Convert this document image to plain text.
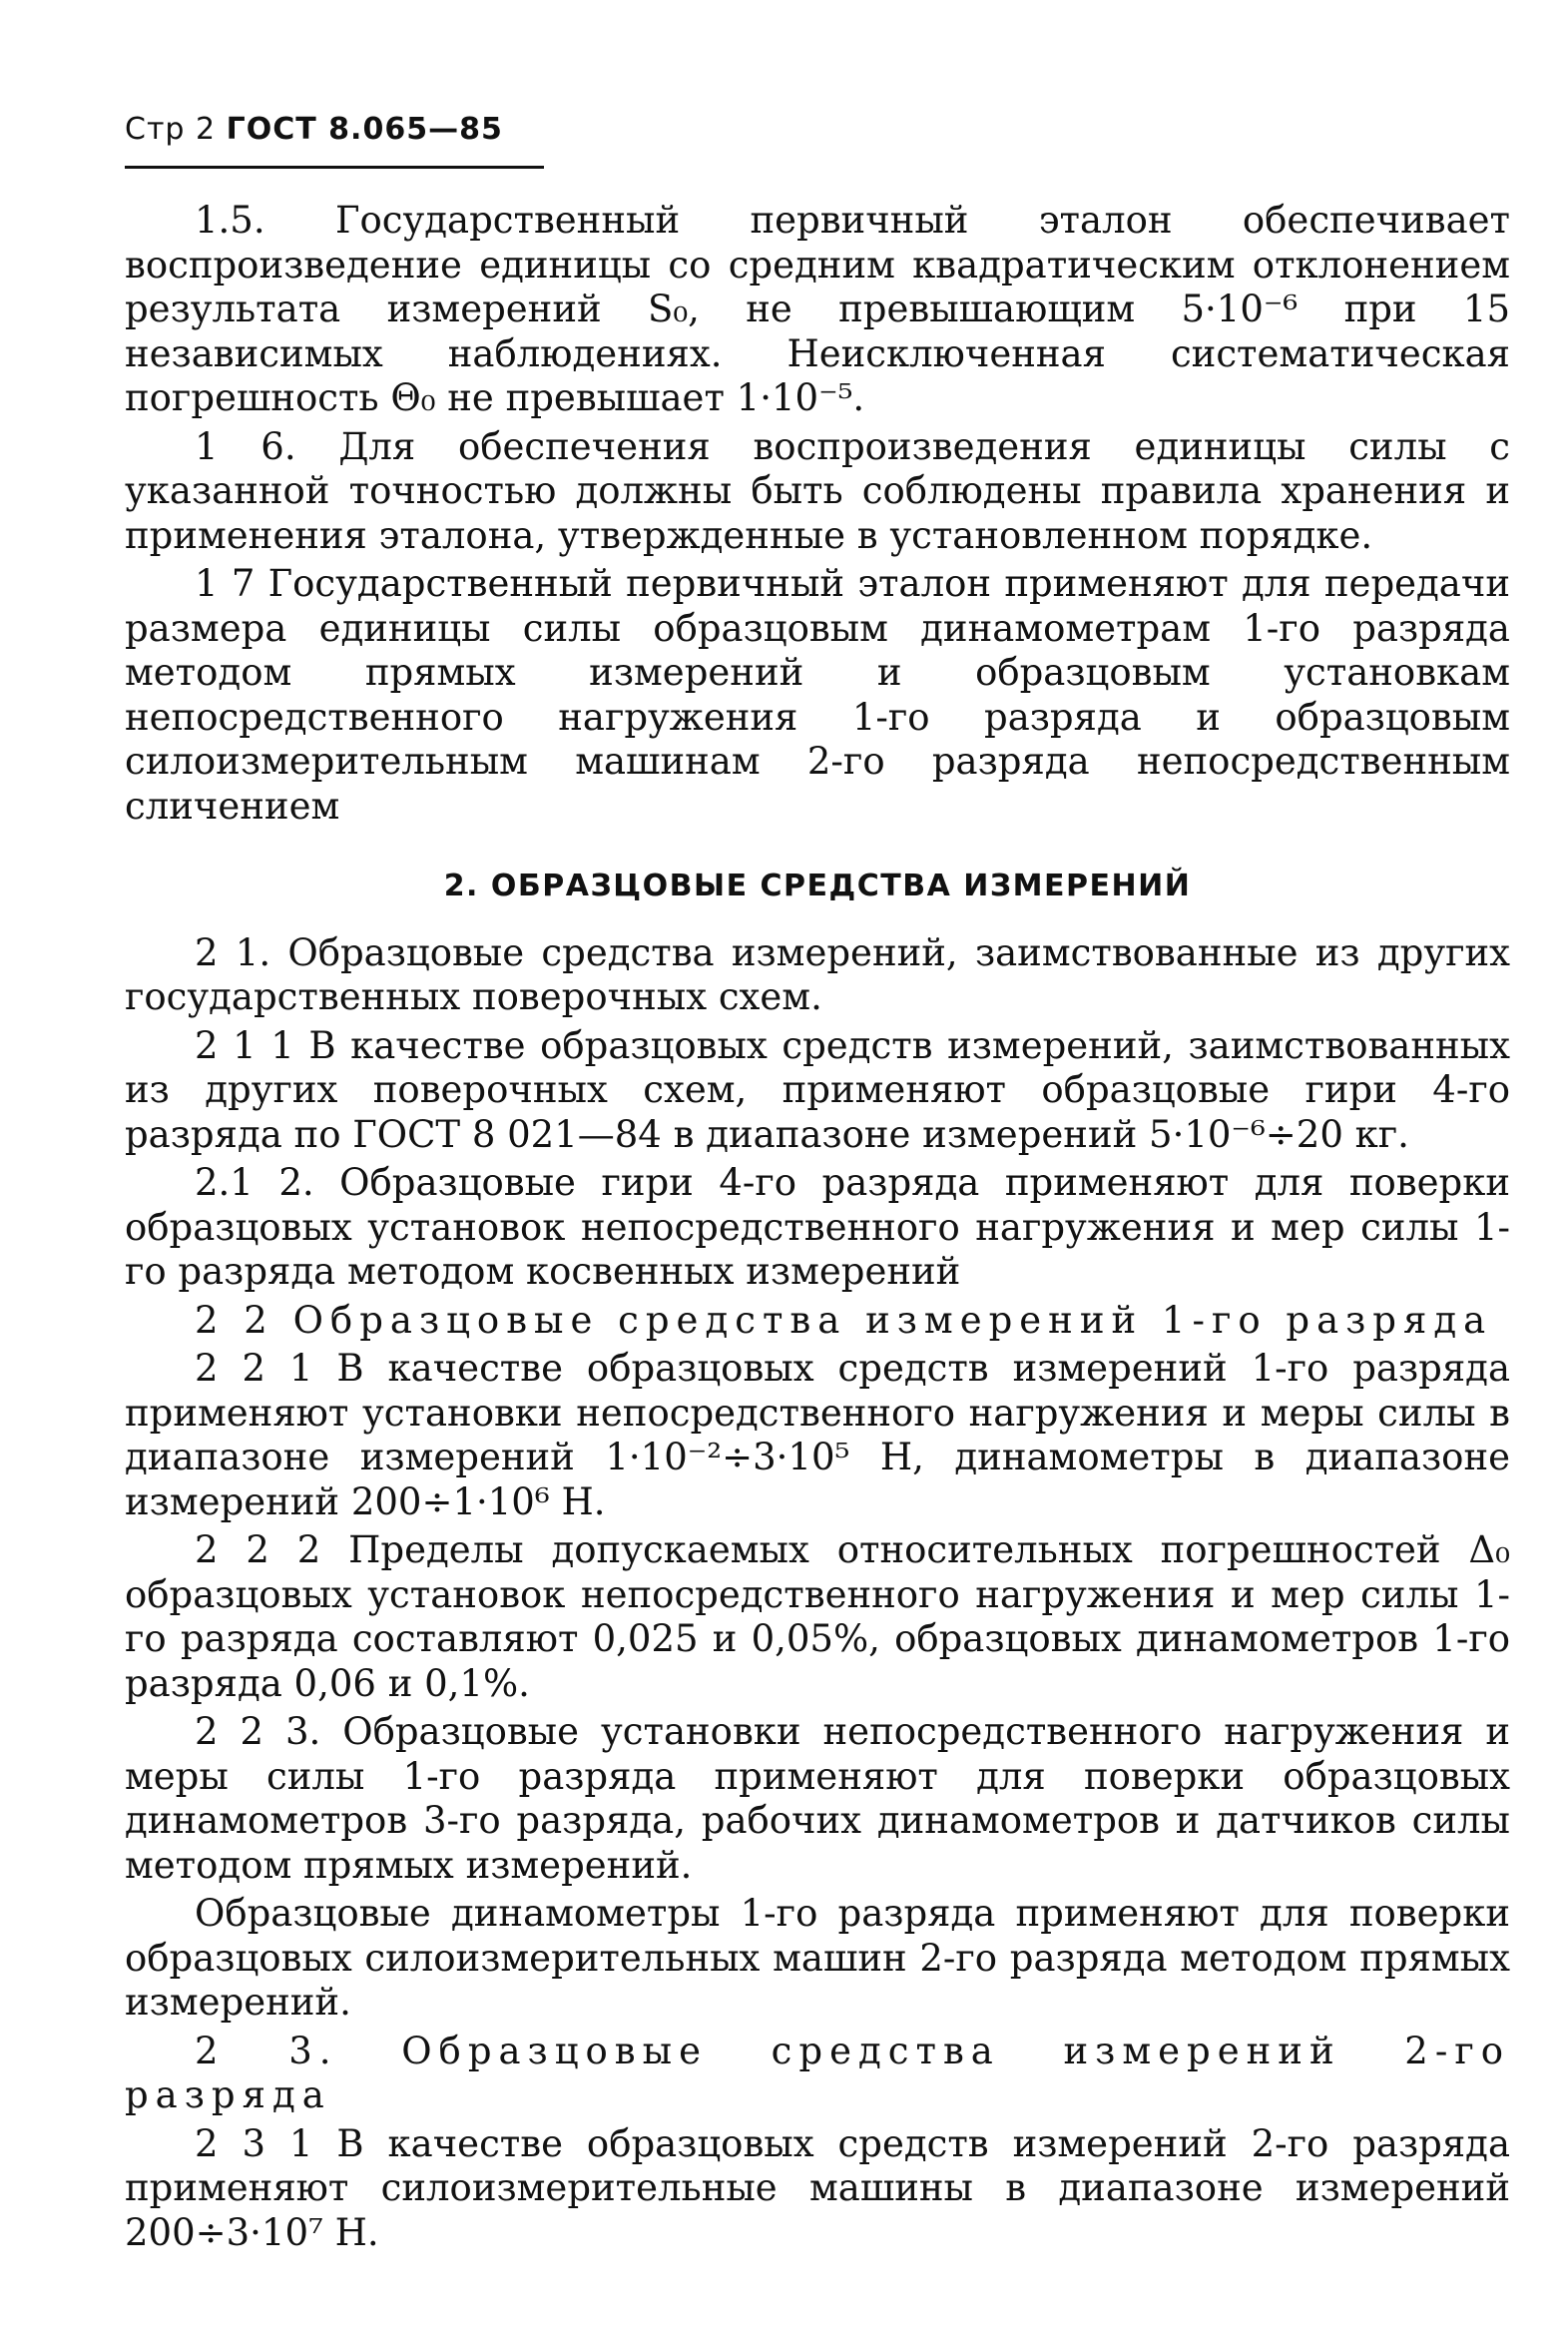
Стр 2 ГОСТ 8.065—85

1.5. Государственный первичный эталон обеспечивает воспроизведение единицы со средним квадратическим отклонением результата измерений S₀, не превышающим 5·10⁻⁶ при 15 независимых наблюдениях. Неисключенная систематическая погрешность Θ₀ не превышает 1·10⁻⁵.

1 6. Для обеспечения воспроизведения единицы силы с указанной точностью должны быть соблюдены правила хранения и применения эталона, утвержденные в установленном порядке.

1 7 Государственный первичный эталон применяют для передачи размера единицы силы образцовым динамометрам 1-го разряда методом прямых измерений и образцовым установкам непосредственного нагружения 1-го разряда и образцовым силоизмерительным машинам 2-го разряда непосредственным сличением

2. ОБРАЗЦОВЫЕ СРЕДСТВА ИЗМЕРЕНИЙ

2 1. Образцовые средства измерений, заимствованные из других государственных поверочных схем.

2 1 1 В качестве образцовых средств измерений, заимствованных из других поверочных схем, применяют образцовые гири 4-го разряда по ГОСТ 8 021—84 в диапазоне измерений 5·10⁻⁶÷20 кг.

2.1 2. Образцовые гири 4-го разряда применяют для поверки образцовых установок непосредственного нагружения и мер силы 1-го разряда методом косвенных измерений

2 2 Образцовые средства измерений 1-го разряда

2 2 1 В качестве образцовых средств измерений 1-го разряда применяют установки непосредственного нагружения и меры силы в диапазоне измерений 1·10⁻²÷3·10⁵ Н, динамометры в диапазоне измерений 200÷1·10⁶ Н.

2 2 2 Пределы допускаемых относительных погрешностей Δ₀ образцовых установок непосредственного нагружения и мер силы 1-го разряда составляют 0,025 и 0,05%, образцовых динамометров 1-го разряда 0,06 и 0,1%.

2 2 3. Образцовые установки непосредственного нагружения и меры силы 1-го разряда применяют для поверки образцовых динамометров 3-го разряда, рабочих динамометров и датчиков силы методом прямых измерений.

Образцовые динамометры 1-го разряда применяют для поверки образцовых силоизмерительных машин 2-го разряда методом прямых измерений.

2 3. Образцовые средства измерений 2-го разряда

2 3 1 В качестве образцовых средств измерений 2-го разряда применяют силоизмерительные машины в диапазоне измерений 200÷3·10⁷ Н.
